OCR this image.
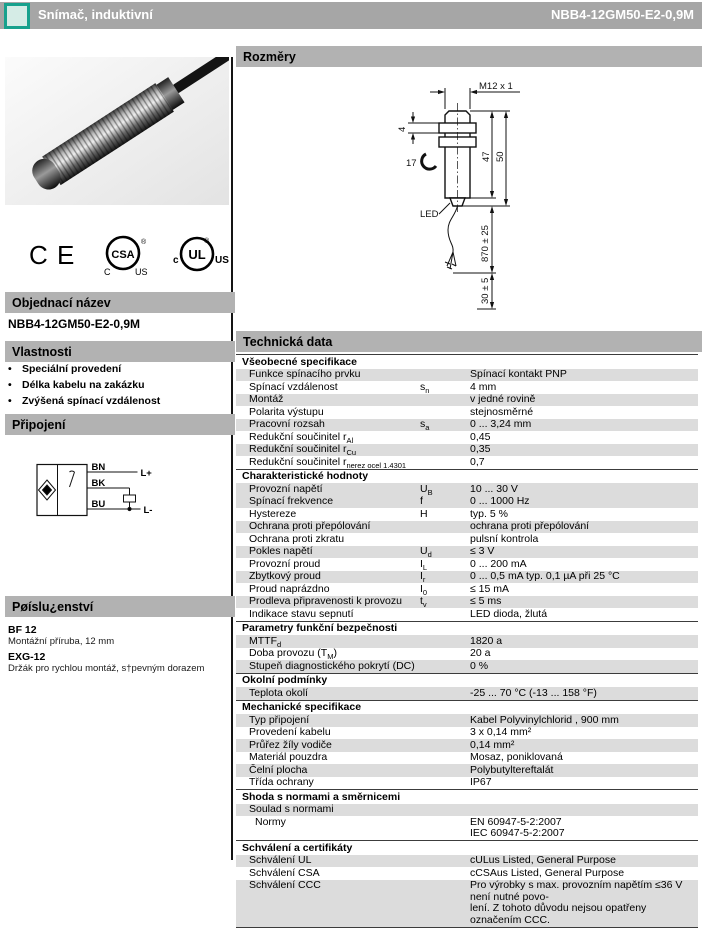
Snímač, induktivní	NBB4-12GM50-E2-0,9M
C E	CSA
®
C	US
UL
c	US
®
Objednací název
NBB4-12GM50-E2-0,9M
Vlastnosti
• Speciální provedení
• Délka kabelu na zakázku
• Zvýšená spínací vzdálenost
Připojení
BN
BK
BU
L+
L-
Pøíslu¿enství
BF 12
Montážní příruba, 12 mm
EXG-12
Držák pro rychlou montáž, s†pevným dorazem
Rozměry
M12 x 1
4
17
47 50
870 ± 25
30 ± 5
LED
Technická data
Všeobecné specifikace
Funkce spínacího prvku	Spínací kontakt PNP
Spínací vzdálenost	$s_n$	4 mm
Montáž	v jedné rovině
Polarita výstupu	stejnosměrné
Pracovní rozsah	$s_a$	0 ... 3,24 mm
Redukční součinitel $r_{Al}$	0,45
Redukční součinitel $r_{Cu}$	0,35
Redukční součinitel $r_{nerez ocel 1.4301}$	0,7
Charakteristické hodnoty
Provozní napětí	$U_B$	10 ... 30 V
Spínací frekvence	f	0 ... 1000 Hz
Hystereze	H	typ. 5 %
Ochrana proti přepólování	ochrana proti přepólování
Ochrana proti zkratu	pulsní kontrola
Pokles napětí	$U_d$	≤ 3 V
Provozní proud	$I_L$	0 ... 200 mA
Zbytkový proud	$I_r$	0 ... 0,5 mA typ. 0,1 µA při 25 °C
Proud naprázdno	$I_0$	≤ 15 mA
Prodleva připravenosti k provozu	$t_v$	≤ 5 ms
Indikace stavu sepnutí	LED dioda, žlutá
Parametry funkční bezpečnosti
$MTTF_d$	1820 a
Doba provozu $(T_M)$	20 a
Stupeň diagnostického pokrytí (DC)	0 %
Okolní podmínky
Teplota okolí	-25 ... 70 °C (-13 ... 158 °F)
Mechanické specifikace
Typ připojení	Kabel Polyvinylchlorid , 900 mm
Provedení kabelu	3 x 0,14 mm²
Průřez žíly vodiče	0,14 mm²
Materiál pouzdra	Mosaz, poniklovaná
Čelní plocha	Polybutyltereftalát
Třída ochrany	IP67
Shoda s normami a směrnicemi
Soulad s normami
Normy	EN 60947-5-2:2007
IEC 60947-5-2:2007
Schválení a certifikáty
Schválení UL	cULus Listed, General Purpose
Schválení CSA	cCSAus Listed, General Purpose
Schválení CCC	Pro výrobky s max. provozním napětím ≤36 V není nutné povo-
lení. Z tohoto důvodu nejsou opatřeny označením CCC.
